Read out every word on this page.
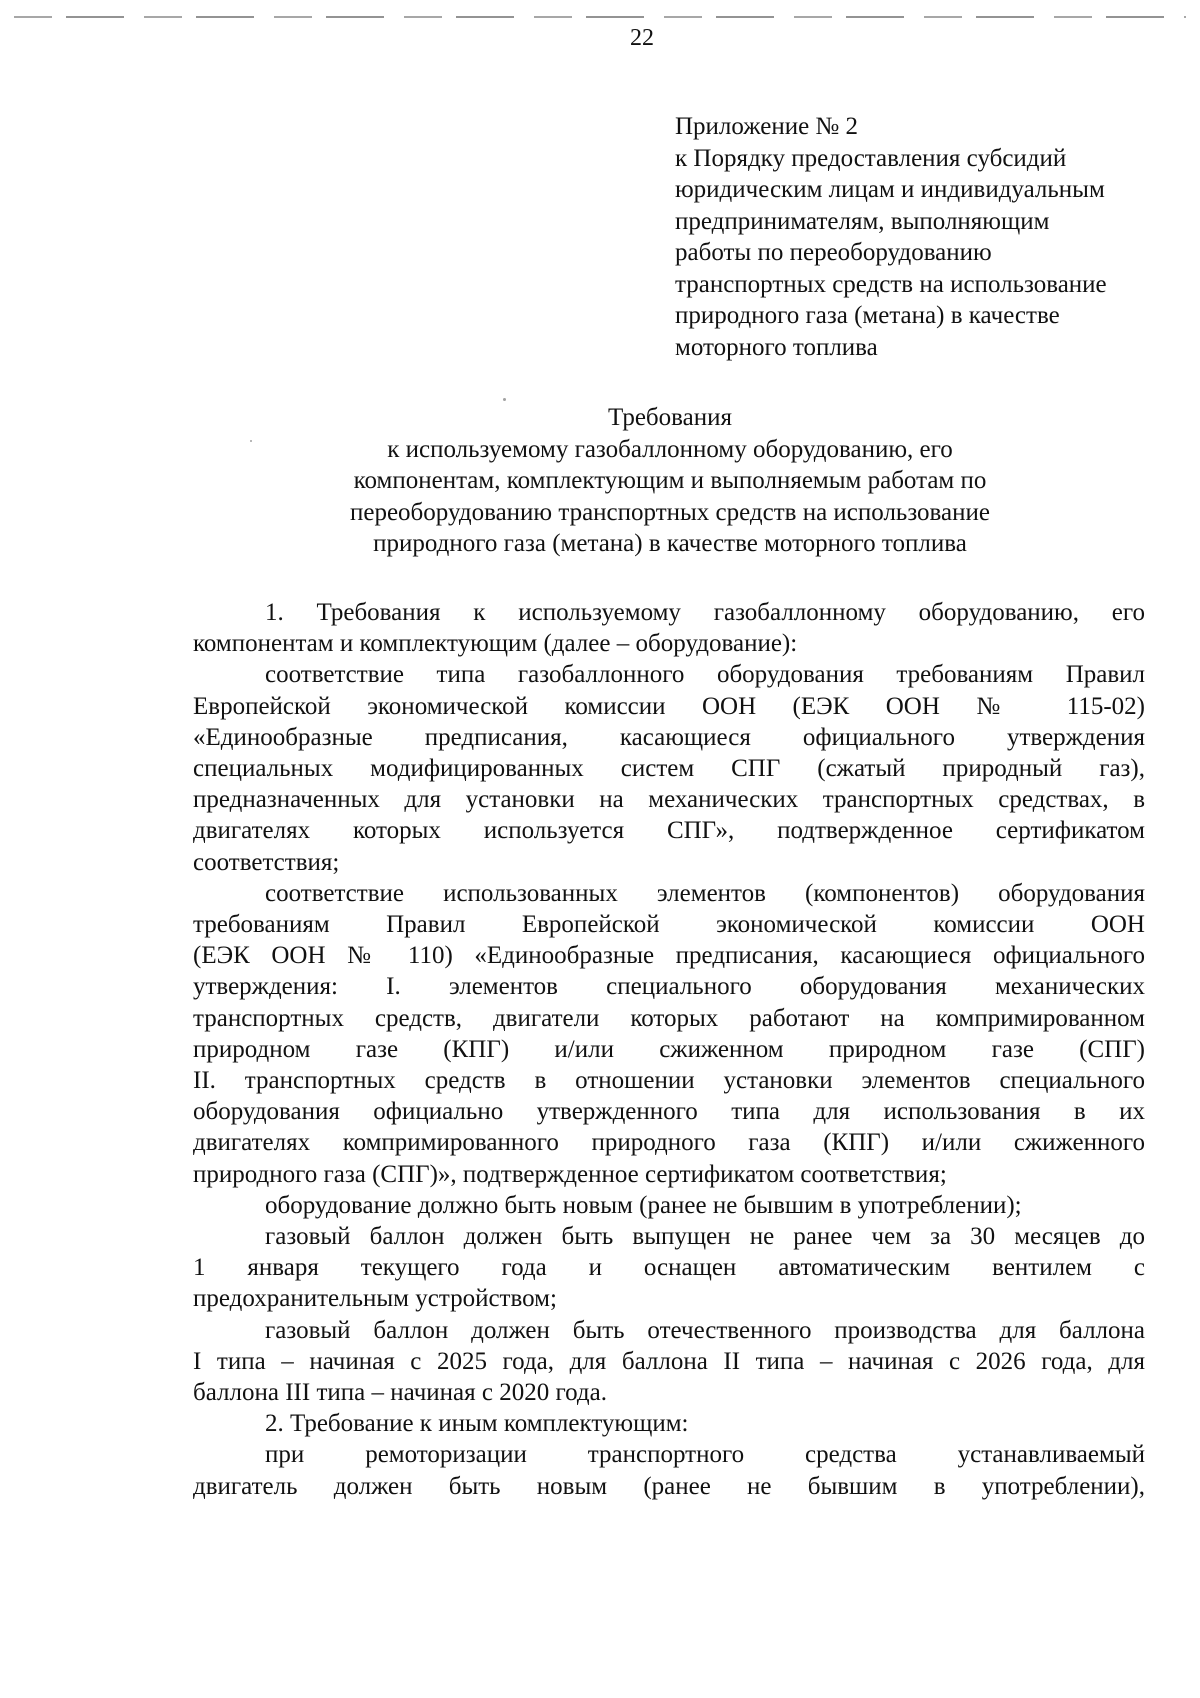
22
Приложение № 2
к Порядку предоставления субсидий
юридическим лицам и индивидуальным
предпринимателям, выполняющим
работы по переоборудованию
транспортных средств на использование
природного газа (метана) в качестве
моторного топлива
Требования
к используемому газобаллонному оборудованию, его
компонентам, комплектующим и выполняемым работам по
переоборудованию транспортных средств на использование
природного газа (метана) в качестве моторного топлива
1. Требования к используемому газобаллонному оборудованию, его
компонентам и комплектующим (далее – оборудование):
соответствие типа газобаллонного оборудования требованиям Правил
Европейской экономической комиссии ООН (ЕЭК ООН № 115-02)
«Единообразные предписания, касающиеся официального утверждения
специальных модифицированных систем СПГ (сжатый природный газ),
предназначенных для установки на механических транспортных средствах, в
двигателях которых используется СПГ», подтвержденное сертификатом
соответствия;
соответствие использованных элементов (компонентов) оборудования
требованиям Правил Европейской экономической комиссии ООН
(ЕЭК ООН № 110) «Единообразные предписания, касающиеся официального
утверждения: I. элементов специального оборудования механических
транспортных средств, двигатели которых работают на компримированном
природном газе (КПГ) и/или сжиженном природном газе (СПГ)
II. транспортных средств в отношении установки элементов специального
оборудования официально утвержденного типа для использования в их
двигателях компримированного природного газа (КПГ) и/или сжиженного
природного газа (СПГ)», подтвержденное сертификатом соответствия;
оборудование должно быть новым (ранее не бывшим в употреблении);
газовый баллон должен быть выпущен не ранее чем за 30 месяцев до
1 января текущего года и оснащен автоматическим вентилем с
предохранительным устройством;
газовый баллон должен быть отечественного производства для баллона
I типа – начиная с 2025 года, для баллона II типа – начиная с 2026 года, для
баллона III типа – начиная с 2020 года.
2. Требование к иным комплектующим:
при ремоторизации транспортного средства устанавливаемый
двигатель должен быть новым (ранее не бывшим в употреблении),
